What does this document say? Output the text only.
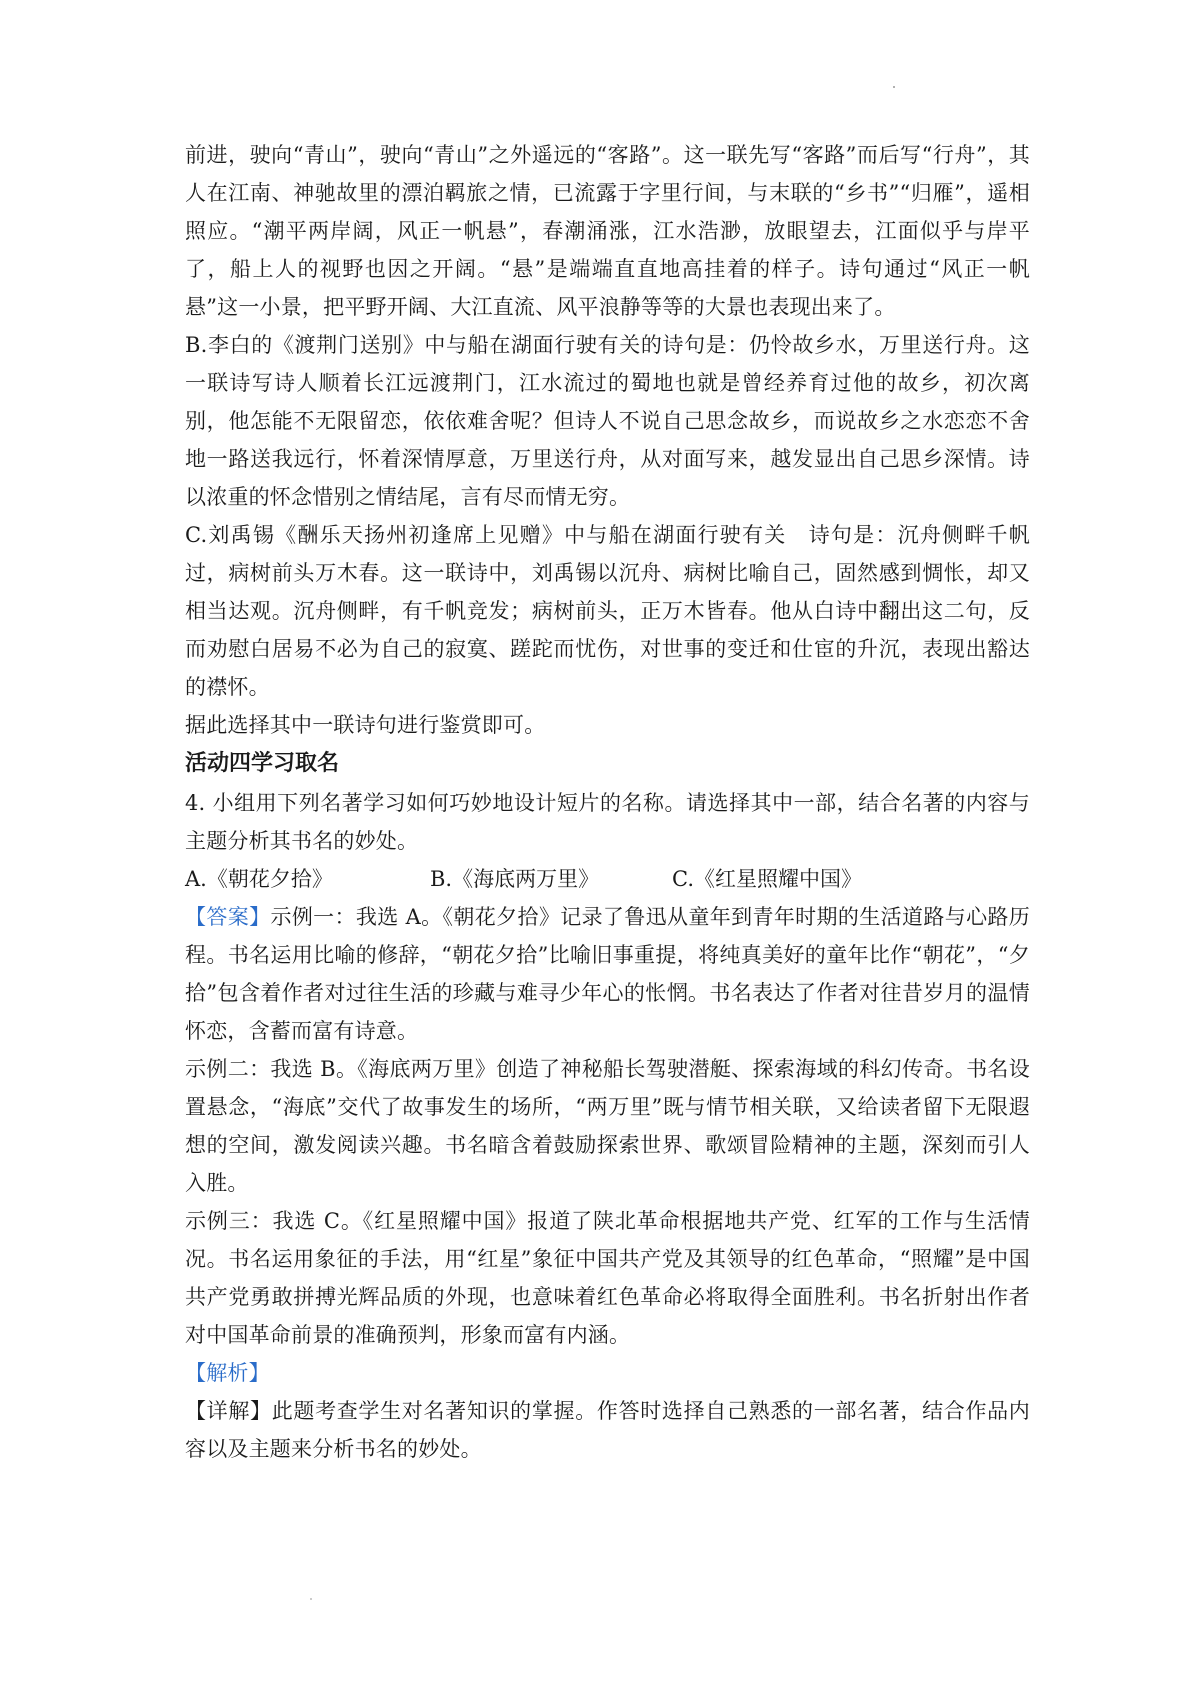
前进，驶向“青山”，驶向“青山”之外遥远的“客路”。这一联先写“客路”而后写“行舟”，其人在江南、神驰故里的漂泊羁旅之情，已流露于字里行间，与末联的“乡书”“归雁”，遥相照应。“潮平两岸阔，风正一帆悬”，春潮涌涨，江水浩渺，放眼望去，江面似乎与岸平了，船上人的视野也因之开阔。“悬”是端端直直地高挂着的样子。诗句通过“风正一帆悬”这一小景，把平野开阔、大江直流、风平浪静等等的大景也表现出来了。

B.李白的《渡荆门送别》中与船在湖面行驶有关的诗句是：仍怜故乡水，万里送行舟。这一联诗写诗人顺着长江远渡荆门，江水流过的蜀地也就是曾经养育过他的故乡，初次离别，他怎能不无限留恋，依依难舍呢？但诗人不说自己思念故乡，而说故乡之水恋恋不舍地一路送我远行，怀着深情厚意，万里送行舟，从对面写来，越发显出自己思乡深情。诗以浓重的怀念惜别之情结尾，言有尽而情无穷。

C.刘禹锡《酬乐天扬州初逢席上见赠》中与船在湖面行驶有关　诗句是：沉舟侧畔千帆过，病树前头万木春。这一联诗中，刘禹锡以沉舟、病树比喻自己，固然感到惆怅，却又相当达观。沉舟侧畔，有千帆竞发；病树前头，正万木皆春。他从白诗中翻出这二句，反而劝慰白居易不必为自己的寂寞、蹉跎而忧伤，对世事的变迁和仕宦的升沉，表现出豁达的襟怀。

据此选择其中一联诗句进行鉴赏即可。

活动四学习取名

4. 小组用下列名著学习如何巧妙地设计短片的名称。请选择其中一部，结合名著的内容与主题分析其书名的妙处。

A.《朝花夕拾》	B.《海底两万里》	C.《红星照耀中国》

【答案】示例一：我选 A。《朝花夕拾》记录了鲁迅从童年到青年时期的生活道路与心路历程。书名运用比喻的修辞，“朝花夕拾”比喻旧事重提，将纯真美好的童年比作“朝花”，“夕拾”包含着作者对过往生活的珍藏与难寻少年心的怅惘。书名表达了作者对往昔岁月的温情怀恋，含蓄而富有诗意。

示例二：我选 B。《海底两万里》创造了神秘船长驾驶潜艇、探索海域的科幻传奇。书名设置悬念，“海底”交代了故事发生的场所，“两万里”既与情节相关联，又给读者留下无限遐想的空间，激发阅读兴趣。书名暗含着鼓励探索世界、歌颂冒险精神的主题，深刻而引人入胜。

示例三：我选 C。《红星照耀中国》报道了陕北革命根据地共产党、红军的工作与生活情况。书名运用象征的手法，用“红星”象征中国共产党及其领导的红色革命，“照耀”是中国共产党勇敢拼搏光辉品质的外现，也意味着红色革命必将取得全面胜利。书名折射出作者对中国革命前景的准确预判，形象而富有内涵。

【解析】

【详解】此题考查学生对名著知识的掌握。作答时选择自己熟悉的一部名著，结合作品内容以及主题来分析书名的妙处。
